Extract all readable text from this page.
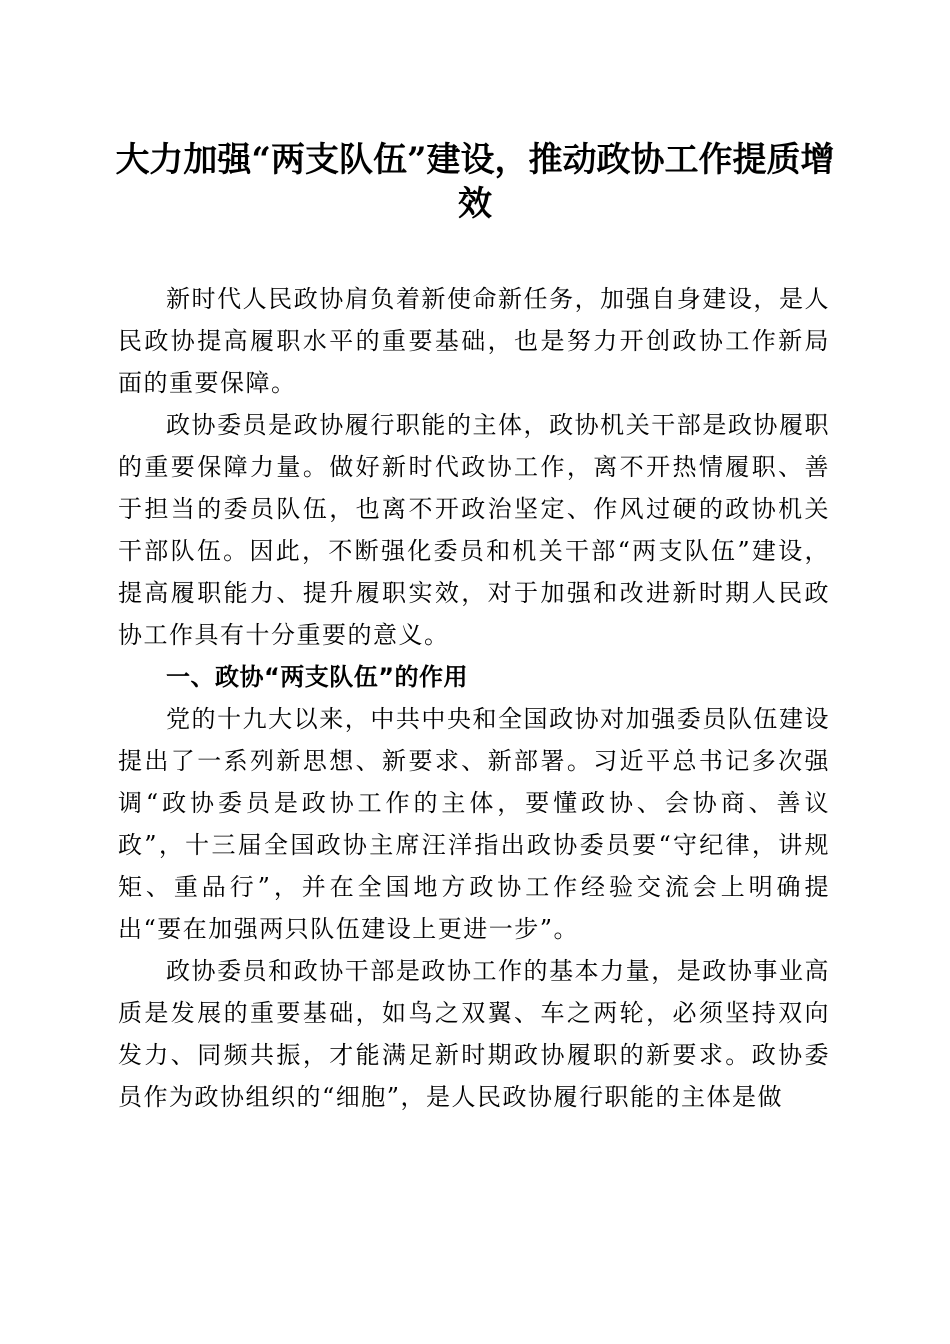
大力加强“两支队伍”建设，推动政协工作提质增效

新时代人民政协肩负着新使命新任务，加强自身建设，是人民政协提高履职水平的重要基础，也是努力开创政协工作新局面的重要保障。

政协委员是政协履行职能的主体，政协机关干部是政协履职的重要保障力量。做好新时代政协工作，离不开热情履职、善于担当的委员队伍，也离不开政治坚定、作风过硬的政协机关干部队伍。因此，不断强化委员和机关干部“两支队伍”建设，提高履职能力、提升履职实效，对于加强和改进新时期人民政协工作具有十分重要的意义。

一、政协“两支队伍”的作用

党的十九大以来，中共中央和全国政协对加强委员队伍建设提出了一系列新思想、新要求、新部署。习近平总书记多次强调“政协委员是政协工作的主体，要懂政协、会协商、善议政”，十三届全国政协主席汪洋指出政协委员要“守纪律，讲规矩、重品行”，并在全国地方政协工作经验交流会上明确提出“要在加强两只队伍建设上更进一步”。

政协委员和政协干部是政协工作的基本力量，是政协事业高质是发展的重要基础，如鸟之双翼、车之两轮，必须坚持双向发力、同频共振，才能满足新时期政协履职的新要求。政协委员作为政协组织的“细胞”，是人民政协履行职能的主体是做
